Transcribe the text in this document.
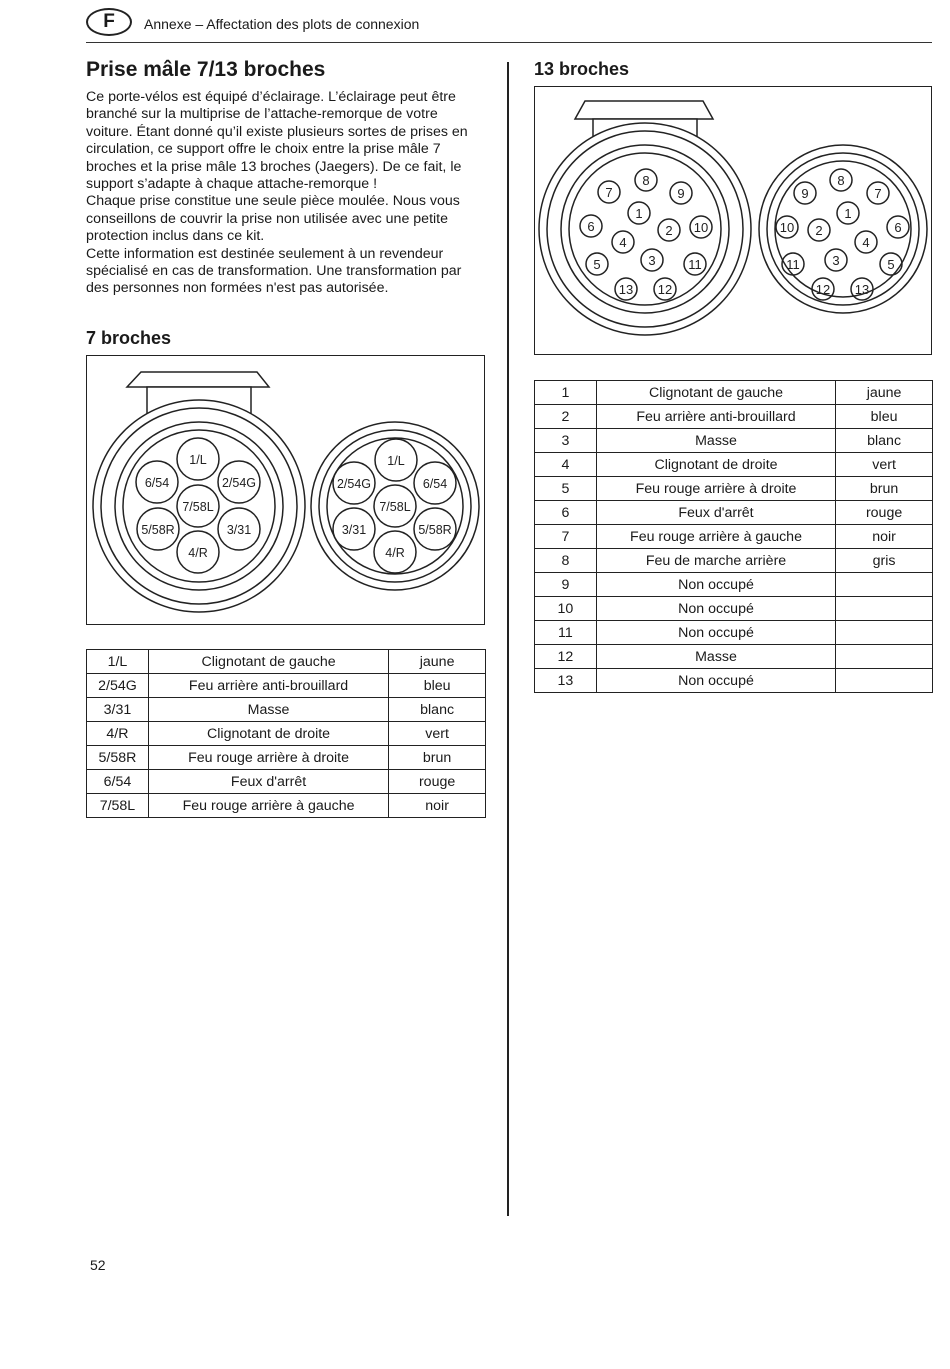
F	Annexe – Affectation des plots de connexion
Prise mâle 7/13 broches

Ce porte-vélos est équipé d’éclairage. L’éclairage peut être branché sur la multiprise de l’attache-remorque de votre voiture. Étant donné qu’il existe plusieurs sortes de prises en circulation, ce support offre le choix entre la prise mâle 7 broches et la prise mâle 13 broches (Jaegers). De ce fait, le support s’adapte à chaque attache-remorque !

Chaque prise constitue une seule pièce moulée. Nous vous conseillons de couvrir la prise non utilisée avec une petite protection inclus dans ce kit.

Cette information est destinée seulement à un revendeur spécialisé en cas de transformation. Une transformation par des personnes non formées n'est pas autorisée.

7 broches
1/L
6/54	2/54G
7/58L
5/58R	3/31
4/R
1/L
2/54G	6/54
7/58L
3/31	5/58R
4/R
1/L	Clignotant de gauche	jaune
2/54G	Feu arrière anti-brouillard	bleu
3/31	Masse	blanc
4/R	Clignotant de droite	vert
5/58R	Feu rouge arrière à droite	brun
6/54	Feux d'arrêt	rouge
7/58L	Feu rouge arrière à gauche	noir
13 broches
8
7	9
1
6	2 10
4
5	3	11
13 12
8
9	7
1
10 2	6
4
11	3	5
12 13
1	Clignotant de gauche	jaune
2	Feu arrière anti-brouillard	bleu
3	Masse	blanc
4	Clignotant de droite	vert
5	Feu rouge arrière à droite	brun
6	Feux d'arrêt	rouge
7	Feu rouge arrière à gauche	noir
8	Feu de marche arrière	gris
9	Non occupé	
10	Non occupé	
11	Non occupé	
12	Masse	
13	Non occupé	
52
